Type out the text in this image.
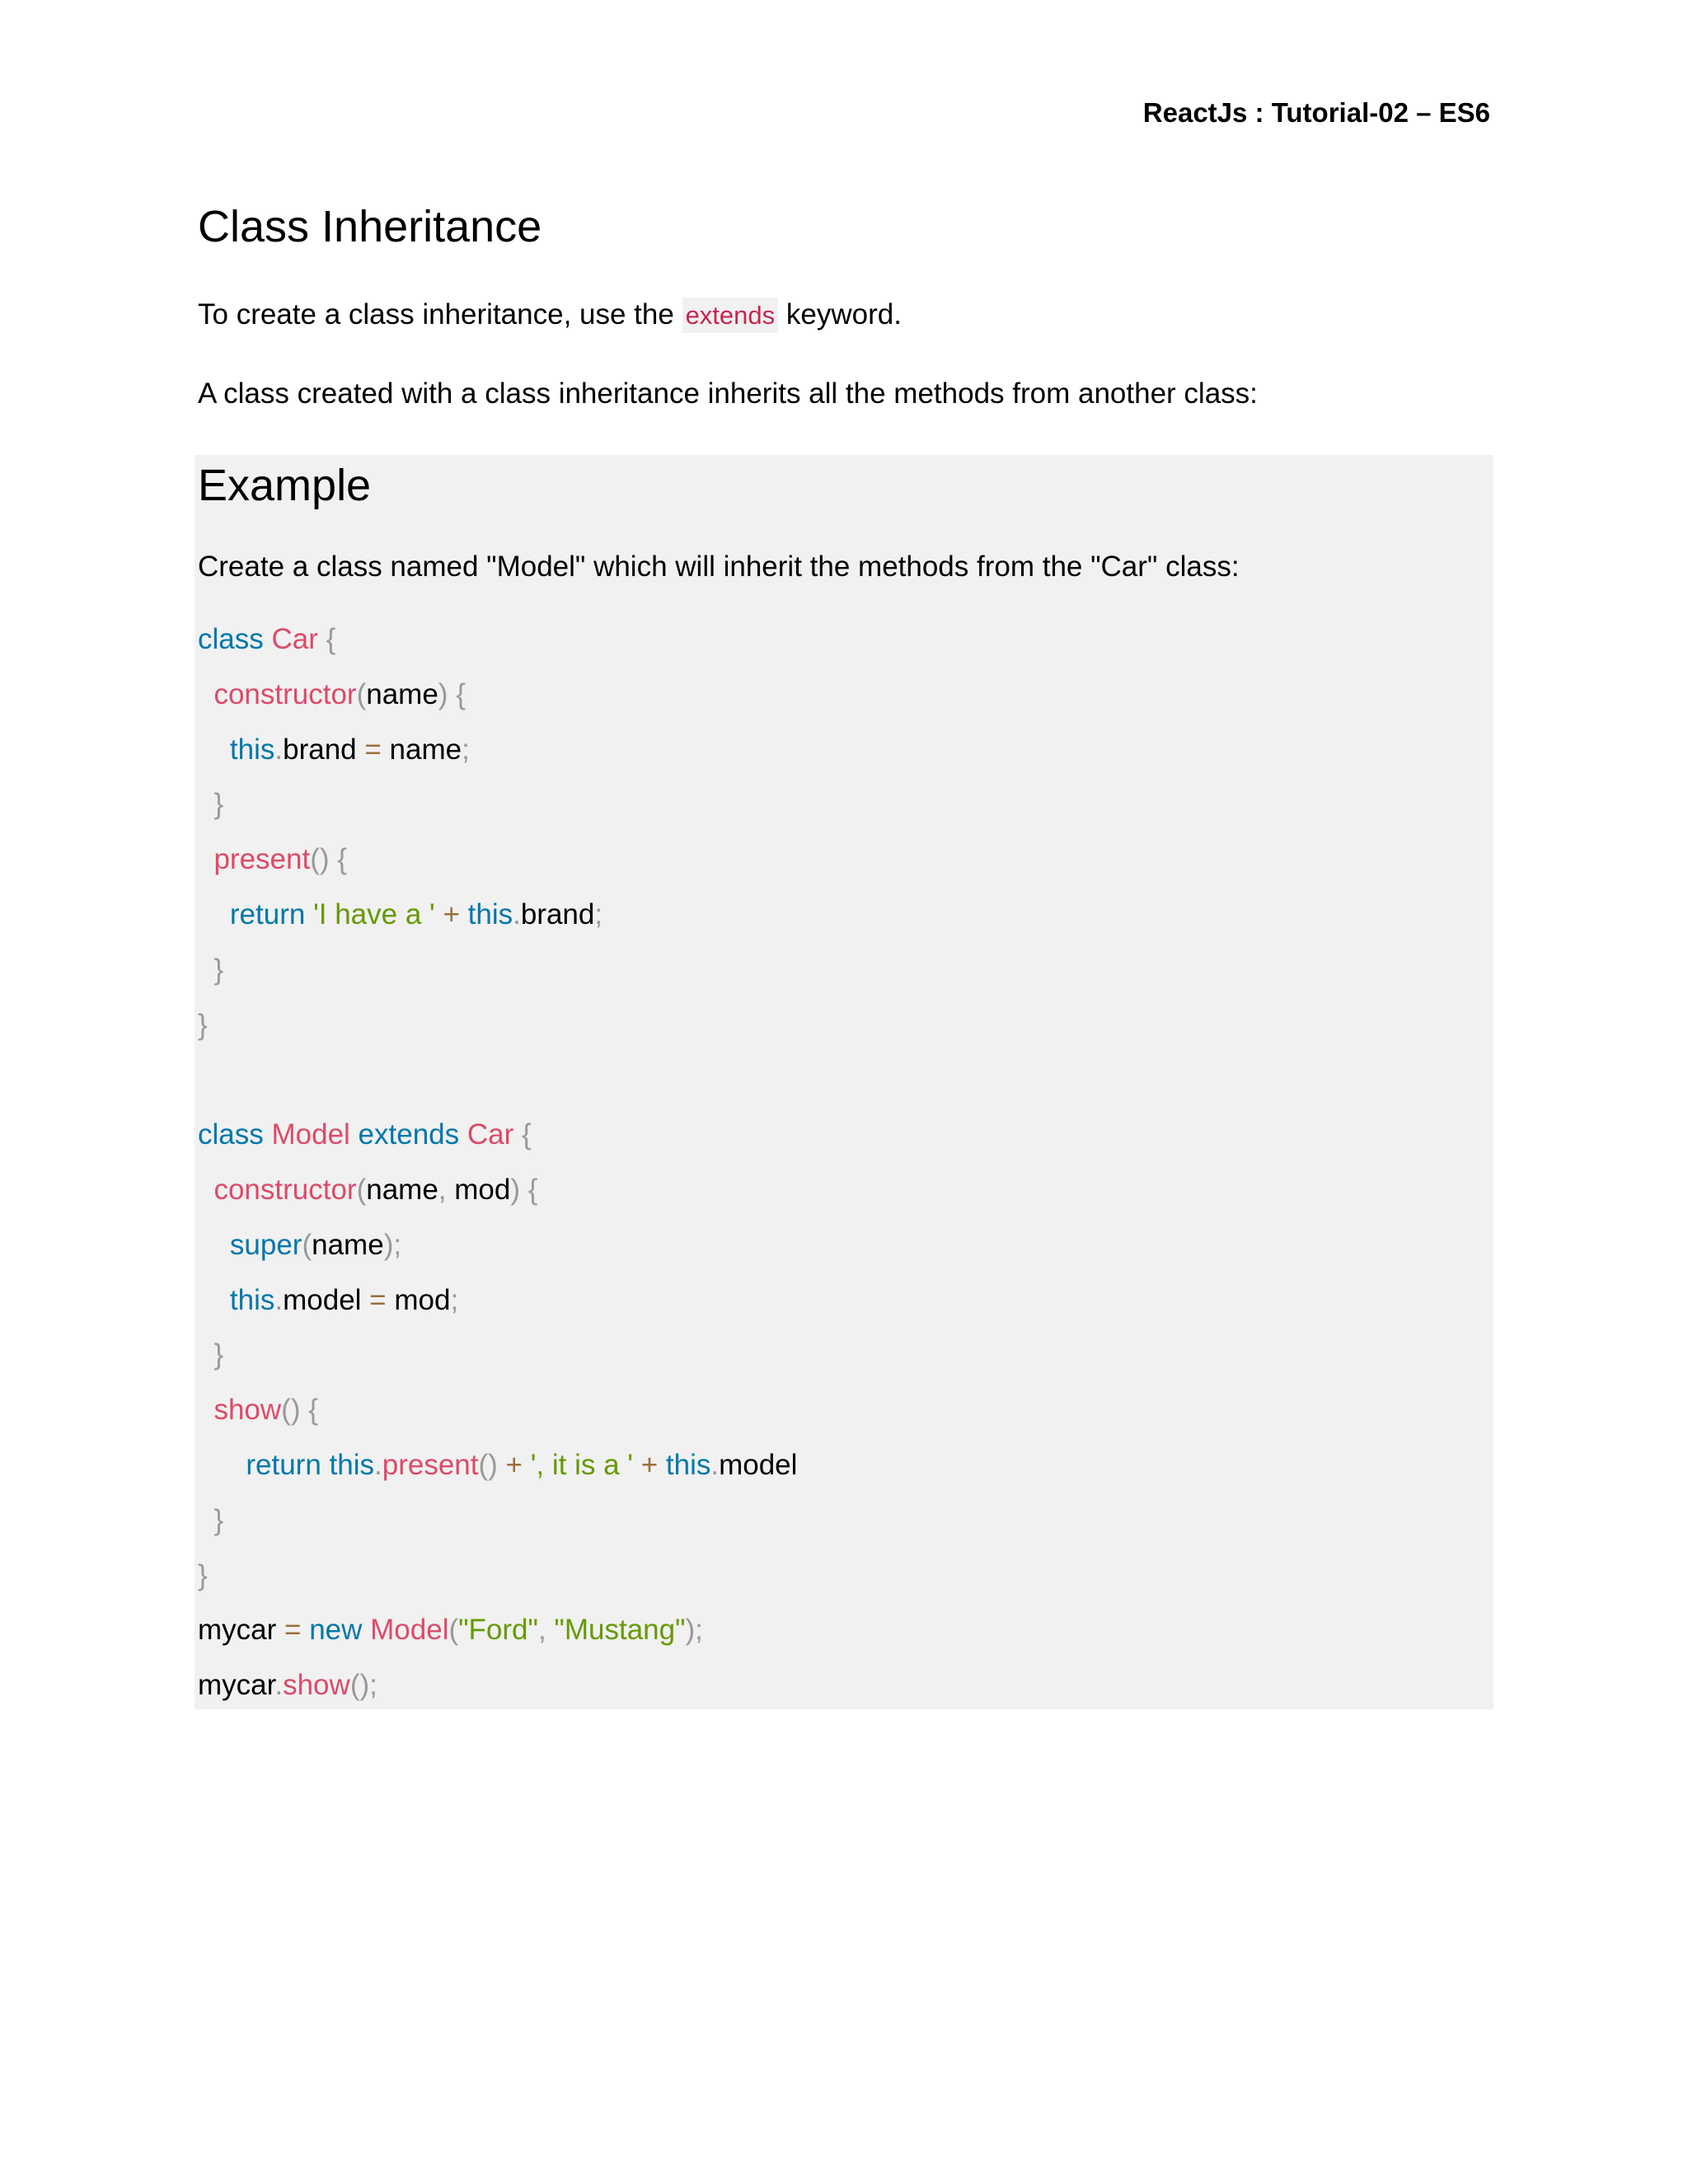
ReactJs : Tutorial-02 – ES6
Class Inheritance

To create a class inheritance, use the extends keyword.

A class created with a class inheritance inherits all the methods from another class:

Example

Create a class named "Model" which will inherit the methods from the "Car" class:

class Car {
constructor(name) {
this.brand = name;
}
present() {
return 'I have a ' + this.brand;
}
}
class Model extends Car {
constructor(name, mod) {
super(name);
this.model = mod;
}
show() {
return this.present() + ', it is a ' + this.model
}
}
mycar = new Model("Ford", "Mustang");
mycar.show();
